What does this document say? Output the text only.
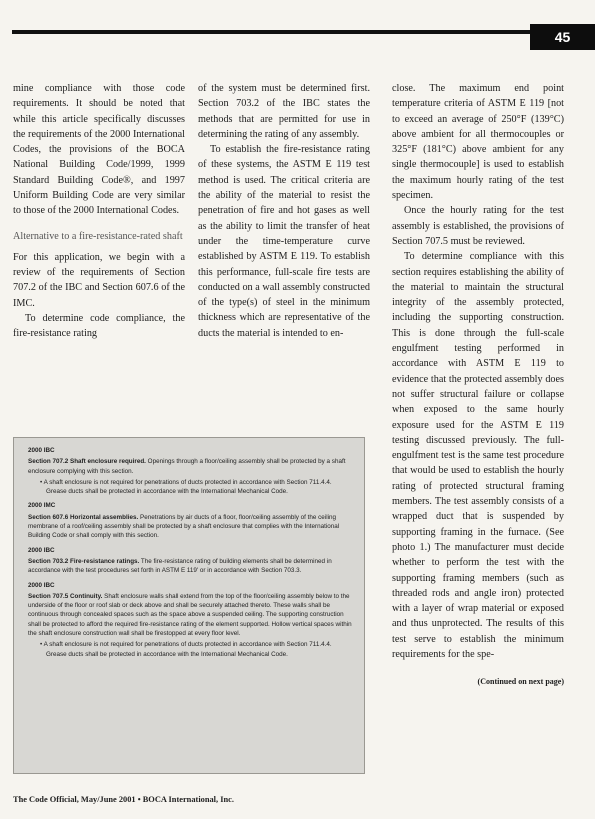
45

mine compliance with those code requirements. It should be noted that while this article specifically discusses the requirements of the 2000 International Codes, the provisions of the BOCA National Building Code/1999, 1999 Standard Building Code®, and 1997 Uniform Building Code are very similar to those of the 2000 International Codes.

Alternative to a fire-resistance-rated shaft

For this application, we begin with a review of the requirements of Section 707.2 of the IBC and Section 607.6 of the IMC.

To determine code compliance, the fire-resistance rating

of the system must be determined first. Section 703.2 of the IBC states the methods that are permitted for use in determining the rating of any assembly.

To establish the fire-resistance rating of these systems, the ASTM E 119 test method is used. The critical criteria are the ability of the material to resist the penetration of fire and hot gases as well as the ability to limit the transfer of heat under the time-temperature curve established by ASTM E 119. To establish this performance, full-scale fire tests are conducted on a wall assembly constructed of the type(s) of steel in the minimum thickness which are representative of the ducts the material is intended to en-

close. The maximum end point temperature criteria of ASTM E 119 [not to exceed an average of 250°F (139°C) above ambient for all thermocouples or 325°F (181°C) above ambient for any single thermocouple] is used to establish the maximum hourly rating of the test specimen.

Once the hourly rating for the test assembly is established, the provisions of Section 707.5 must be reviewed.

To determine compliance with this section requires establishing the ability of the material to maintain the structural integrity of the assembly protected, including the supporting construction. This is done through the full-scale engulfment testing performed in accordance with ASTM E 119 to evidence that the protected assembly does not suffer structural failure or collapse when exposed to the same hourly exposure used for the ASTM E 119 testing discussed previously. The full-engulfment test is the same test procedure that would be used to establish the hourly rating of protected structural framing members. The test assembly consists of a wrapped duct that is suspended by supporting framing in the furnace. (See photo 1.) The manufacturer must decide whether to perform the test with the supporting framing members (such as threaded rods and angle iron) protected with a layer of wrap material or exposed and thus unprotected. The results of this test serve to establish the minimum requirements for the spe-

(Continued on next page)
2000 IBC
Section 707.2 Shaft enclosure required. Openings through a floor/ceiling assembly shall be protected by a shaft enclosure complying with this section.
• A shaft enclosure is not required for penetrations of ducts protected in accordance with Section 711.4.4. Grease ducts shall be protected in accordance with the International Mechanical Code.
2000 IMC
Section 607.6 Horizontal assemblies. Penetrations by air ducts of a floor, floor/ceiling assembly of the ceiling membrane of a roof/ceiling assembly shall be protected by a shaft enclosure that complies with the International Building Code or shall comply with this section.
2000 IBC
Section 703.2 Fire-resistance ratings. The fire-resistance rating of building elements shall be determined in accordance with the test procedures set forth in ASTM E 119' or in accordance with Section 703.3.
2000 IBC
Section 707.5 Continuity. Shaft enclosure walls shall extend from the top of the floor/ceiling assembly below to the underside of the floor or roof slab or deck above and shall be securely attached thereto. These walls shall be continuous through concealed spaces such as the space above a suspended ceiling. The supporting construction shall be protected to afford the required fire-resistance rating of the element supported. Hollow vertical spaces within the shaft enclosure construction wall shall be firestopped at every floor level.
• A shaft enclosure is not required for penetrations of ducts protected in accordance with Section 711.4.4. Grease ducts shall be protected in accordance with the International Mechanical Code.
The Code Official, May/June 2001 • BOCA International, Inc.
